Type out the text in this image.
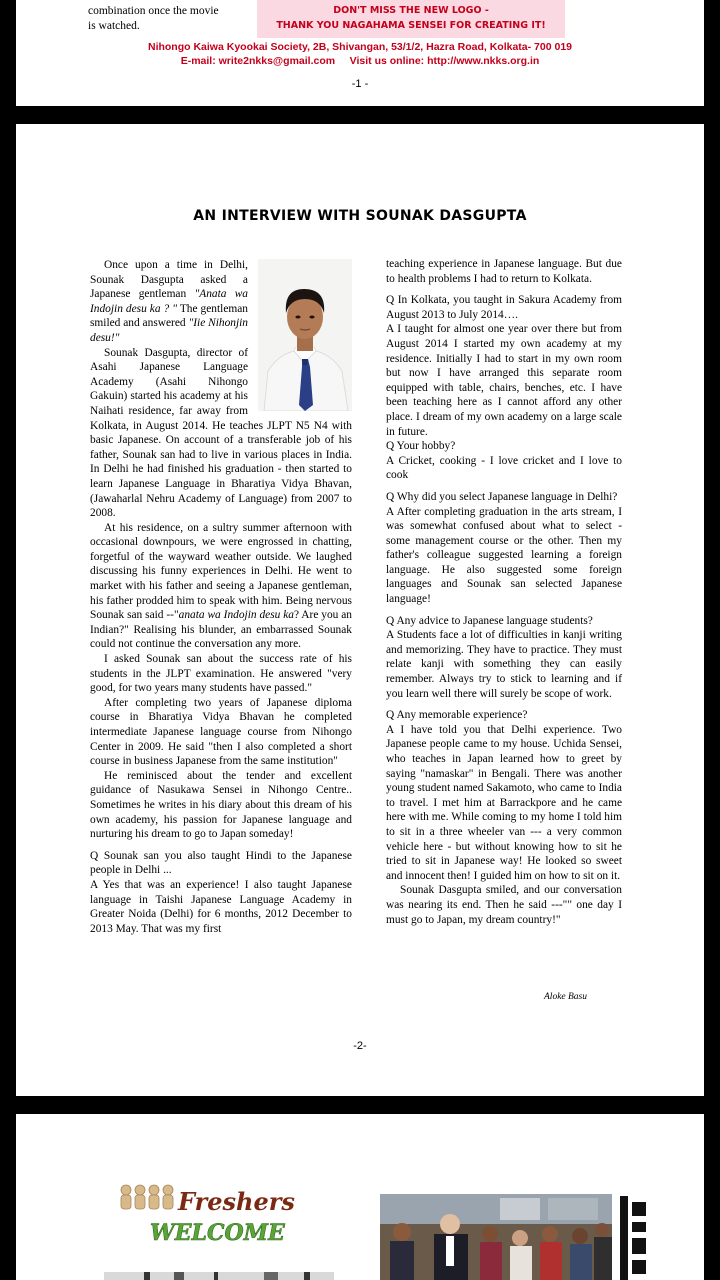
combination once the movie
is watched.
DON'T MISS THE NEW LOGO -
THANK YOU NAGAHAMA SENSEI FOR CREATING IT!
Nihongo Kaiwa Kyookai Society, 2B, Shivangan, 53/1/2, Hazra Road, Kolkata- 700 019
E-mail: write2nkks@gmail.com     Visit us online: http://www.nkks.org.in
-1 -
AN INTERVIEW WITH SOUNAK DASGUPTA

Once upon a time in Delhi, Sounak Dasgupta asked a Japanese gentleman "Anata wa Indojin desu ka ? " The gentleman smiled and answered "Iie Nihonjin desu!"

Sounak Dasgupta, director of Asahi Japanese Language Academy (Asahi Nihongo Gakuin) started his academy at his Naihati residence, far away from Kolkata, in August 2014. He teaches JLPT N5 N4 with basic Japanese. On account of a transferable job of his father, Sounak san had to live in various places in India. In Delhi he had finished his graduation - then started to learn Japanese Language in Bharatiya Vidya Bhavan, (Jawaharlal Nehru Academy of Language) from 2007 to 2008.

At his residence, on a sultry summer afternoon with occasional downpours, we were engrossed in chatting, forgetful of the wayward weather outside. We laughed discussing his funny experiences in Delhi. He went to market with his father and seeing a Japanese gentleman, his father prodded him to speak with him. Being nervous Sounak san said --"anata wa Indojin desu ka? Are you an Indian?" Realising his blunder, an embarrassed Sounak could not continue the conversation any more.

I asked Sounak san about the success rate of his students in the JLPT examination. He answered "very good, for two years many students have passed."

After completing two years of Japanese diploma course in Bharatiya Vidya Bhavan he completed intermediate Japanese language course from Nihongo Center in 2009. He said "then I also completed a short course in business Japanese from the same institution"

He reminisced about the tender and excellent guidance of Nasukawa Sensei in Nihongo Centre.. Sometimes he writes in his diary about this dream of his own academy, his passion for Japanese language and nurturing his dream to go to Japan someday!

Q Sounak san you also taught Hindi to the Japanese people in Delhi ...

A Yes that was an experience! I also taught Japanese language in Taishi Japanese Language Academy in Greater Noida (Delhi) for 6 months, 2012 December to 2013 May. That was my first

teaching experience in Japanese language. But due to health problems I had to return to Kolkata.

Q In Kolkata, you taught in Sakura Academy from August 2013 to July 2014….

A I taught for almost one year over there but from August 2014 I started my own academy at my residence. Initially I had to start in my own room but now I have arranged this separate room equipped with table, chairs, benches, etc. I have been teaching here as I cannot afford any other place. I dream of my own academy on a large scale in future.

Q Your hobby?

A Cricket, cooking - I love cricket and I love to cook

Q Why did you select Japanese language in Delhi?

A After completing graduation in the arts stream, I was somewhat confused about what to select - some management course or the other. Then my father's colleague suggested learning a foreign language. He also suggested some foreign languages and Sounak san selected Japanese language!

Q Any advice to Japanese language students?

A Students face a lot of difficulties in kanji writing and memorizing. They have to practice. They must relate kanji with something they can easily remember. Always try to stick to learning and if you learn well there will surely be scope of work.

Q Any memorable experience?

A I have told you that Delhi experience. Two Japanese people came to my house. Uchida Sensei, who teaches in Japan learned how to greet by saying "namaskar" in Bengali. There was another young student named Sakamoto, who came to India to travel. I met him at Barrackpore and he came here with me. While coming to my home I told him to sit in a three wheeler van --- a very common vehicle here - but without knowing how to sit he tried to sit in Japanese way! He looked so sweet and innocent then! I guided him on how to sit on it.

Sounak Dasgupta smiled, and our conversation was nearing its end. Then he said ---"" one day I must go to Japan, my dream country!"

Aloke Basu
-2-
Freshers
WELCOME
